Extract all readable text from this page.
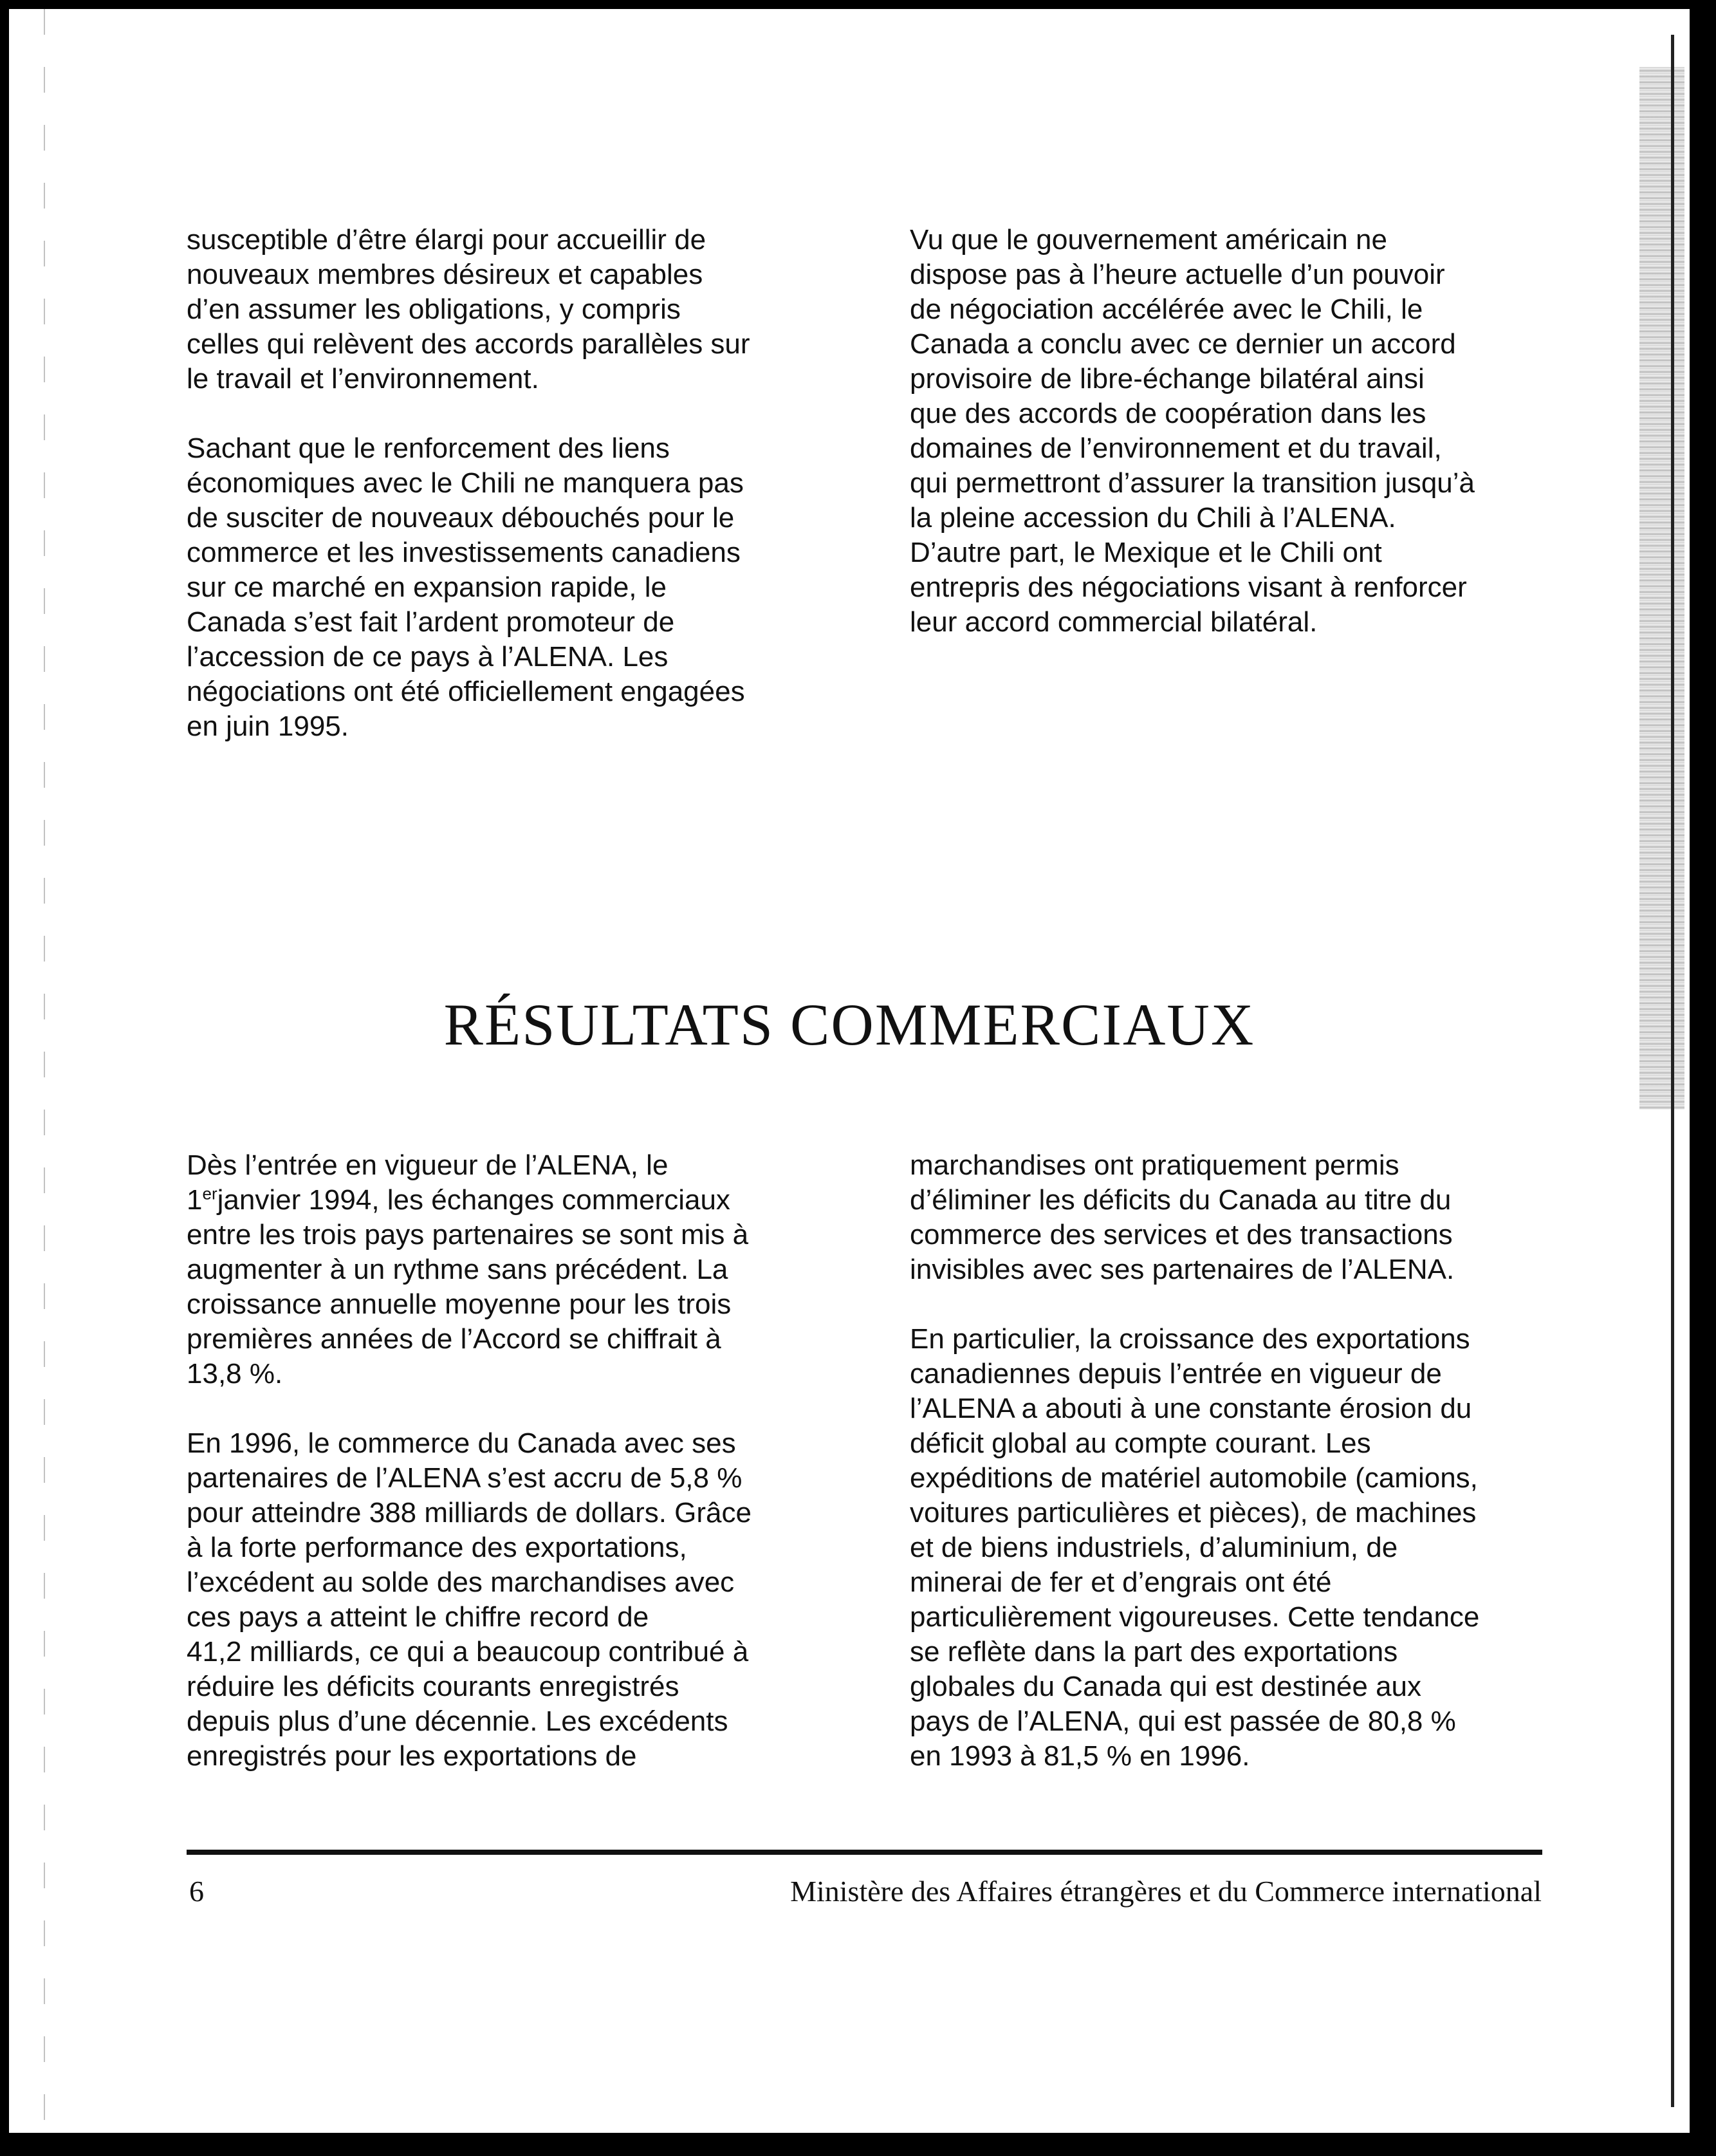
susceptible d’être élargi pour accueillir de
nouveaux membres désireux et capables
d’en assumer les obligations, y compris
celles qui relèvent des accords parallèles sur
le travail et l’environnement.

Sachant que le renforcement des liens
économiques avec le Chili ne manquera pas
de susciter de nouveaux débouchés pour le
commerce et les investissements canadiens
sur ce marché en expansion rapide, le
Canada s’est fait l’ardent promoteur de
l’accession de ce pays à l’ALENA. Les
négociations ont été officiellement engagées
en juin 1995.

Vu que le gouvernement américain ne
dispose pas à l’heure actuelle d’un pouvoir
de négociation accélérée avec le Chili, le
Canada a conclu avec ce dernier un accord
provisoire de libre-échange bilatéral ainsi
que des accords de coopération dans les
domaines de l’environnement et du travail,
qui permettront d’assurer la transition jusqu’à
la pleine accession du Chili à l’ALENA.
D’autre part, le Mexique et le Chili ont
entrepris des négociations visant à renforcer
leur accord commercial bilatéral.

RÉSULTATS COMMERCIAUX

Dès l’entrée en vigueur de l’ALENA, le
1erjanvier 1994, les échanges commerciaux
entre les trois pays partenaires se sont mis à
augmenter à un rythme sans précédent. La
croissance annuelle moyenne pour les trois
premières années de l’Accord se chiffrait à
13,8 %.

En 1996, le commerce du Canada avec ses
partenaires de l’ALENA s’est accru de 5,8 %
pour atteindre 388 milliards de dollars. Grâce
à la forte performance des exportations,
l’excédent au solde des marchandises avec
ces pays a atteint le chiffre record de
41,2 milliards, ce qui a beaucoup contribué à
réduire les déficits courants enregistrés
depuis plus d’une décennie. Les excédents
enregistrés pour les exportations de

marchandises ont pratiquement permis
d’éliminer les déficits du Canada au titre du
commerce des services et des transactions
invisibles avec ses partenaires de l’ALENA.

En particulier, la croissance des exportations
canadiennes depuis l’entrée en vigueur de
l’ALENA a abouti à une constante érosion du
déficit global au compte courant. Les
expéditions de matériel automobile (camions,
voitures particulières et pièces), de machines
et de biens industriels, d’aluminium, de
minerai de fer et d’engrais ont été
particulièrement vigoureuses. Cette tendance
se reflète dans la part des exportations
globales du Canada qui est destinée aux
pays de l’ALENA, qui est passée de 80,8 %
en 1993 à 81,5 % en 1996.

6	Ministère des Affaires étrangères et du Commerce international
